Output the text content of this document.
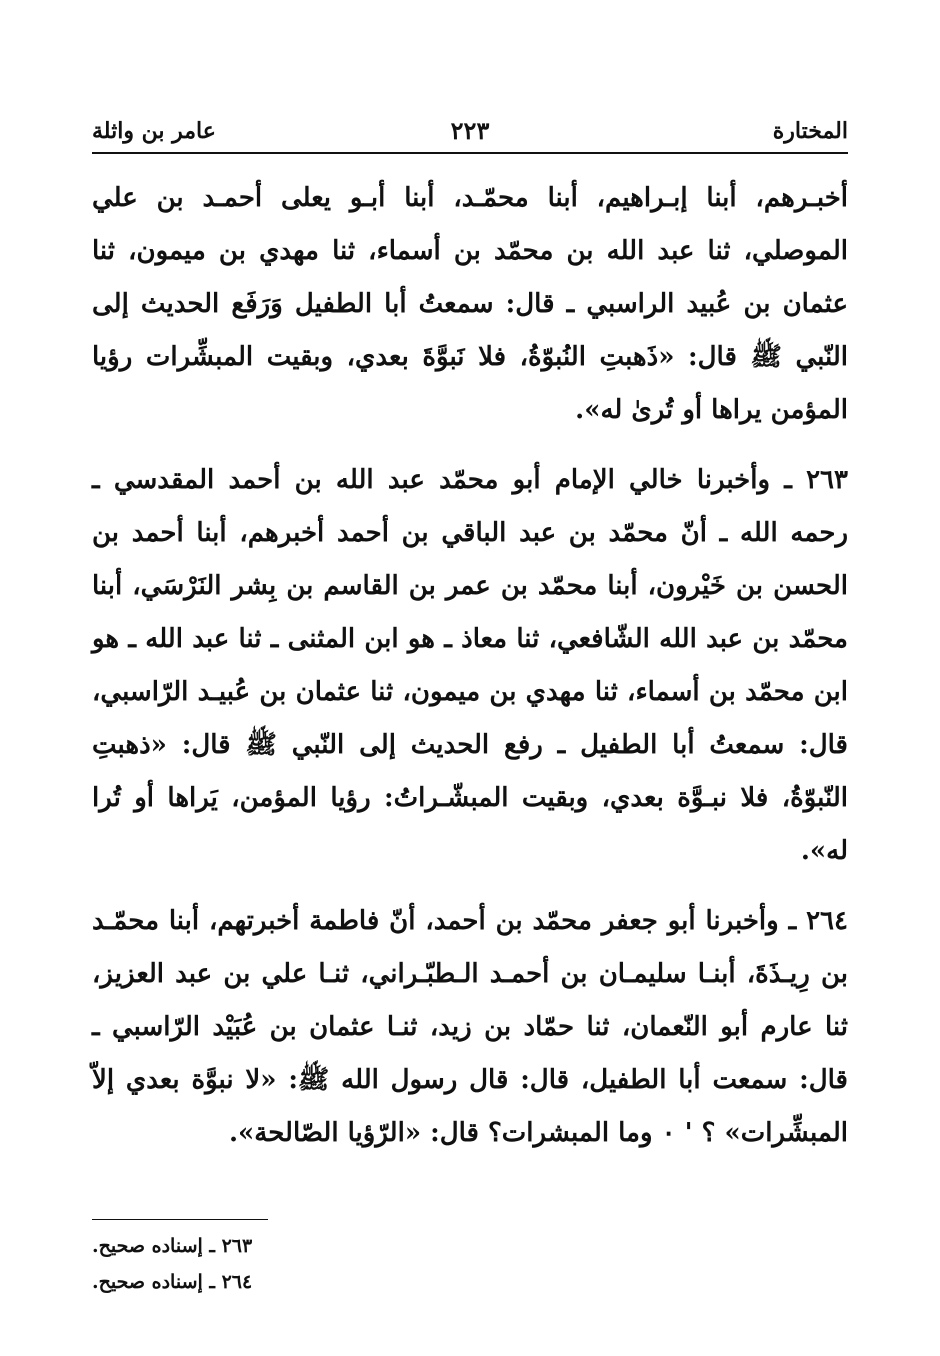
المختارة
٢٢٣
عامر بن واثلة

أخبـرهم، أبنا إبـراهيم، أبنا محمّـد، أبنا أبـو يعلى أحمـد بن علي الموصلي، ثنا عبد الله بن محمّد بن أسماء، ثنا مهدي بن ميمون، ثنا عثمان بن عُبيد الراسبي ـ قال: سمعتُ أبا الطفيل وَرَفَع الحديث إلى النّبي ﷺ قال: «ذَهبتِ النُبوّةُ، فلا نَبوَّةَ بعدي، وبقيت المبشِّرات رؤيا المؤمن يراها أو تُرىٰ له».

٢٦٣ ـ وأخبرنا خالي الإمام أبو محمّد عبد الله بن أحمد المقدسي ـ رحمه الله ـ أنّ محمّد بن عبد الباقي بن أحمد أخبرهم، أبنا أحمد بن الحسن بن خَيْرون، أبنا محمّد بن عمر بن القاسم بن بِشر النَرْسَي، أبنا محمّد بن عبد الله الشّافعي، ثنا معاذ ـ هو ابن المثنى ـ ثنا عبد الله ـ هو ابن محمّد بن أسماء، ثنا مهدي بن ميمون، ثنا عثمان بن عُبيـد الرّاسبي، قال: سمعتُ أبا الطفيل ـ رفع الحديث إلى النّبي ﷺ قال: «ذهبتِ النّبوّةُ، فلا نبـوَّة بعدي، وبقيت المبشّـراتُ: رؤيا المؤمن، يَراها أو تُرا له».

٢٦٤ ـ وأخبرنا أبو جعفر محمّد بن أحمد، أنّ فاطمة أخبرتهم، أبنا محمّـد بن رِيـذَةَ، أبنـا سليمـان بن أحمـد الـطبّـراني، ثنـا علي بن عبد العزيز، ثنا عارم أبو النّعمان، ثنا حمّاد بن زيد، ثنـا عثمان بن عُبَيْد الرّاسبي ـ قال: سمعت أبا الطفيل، قال: قال رسول الله ﷺ: «لا نبوَّة بعدي إلاّ المبشِّرات» ؟ ' ٠ وما المبشرات؟ قال: «الرّؤيا الصّالحة».

٢٦٣ ـ إسناده صحيح.
٢٦٤ ـ إسناده صحيح.
